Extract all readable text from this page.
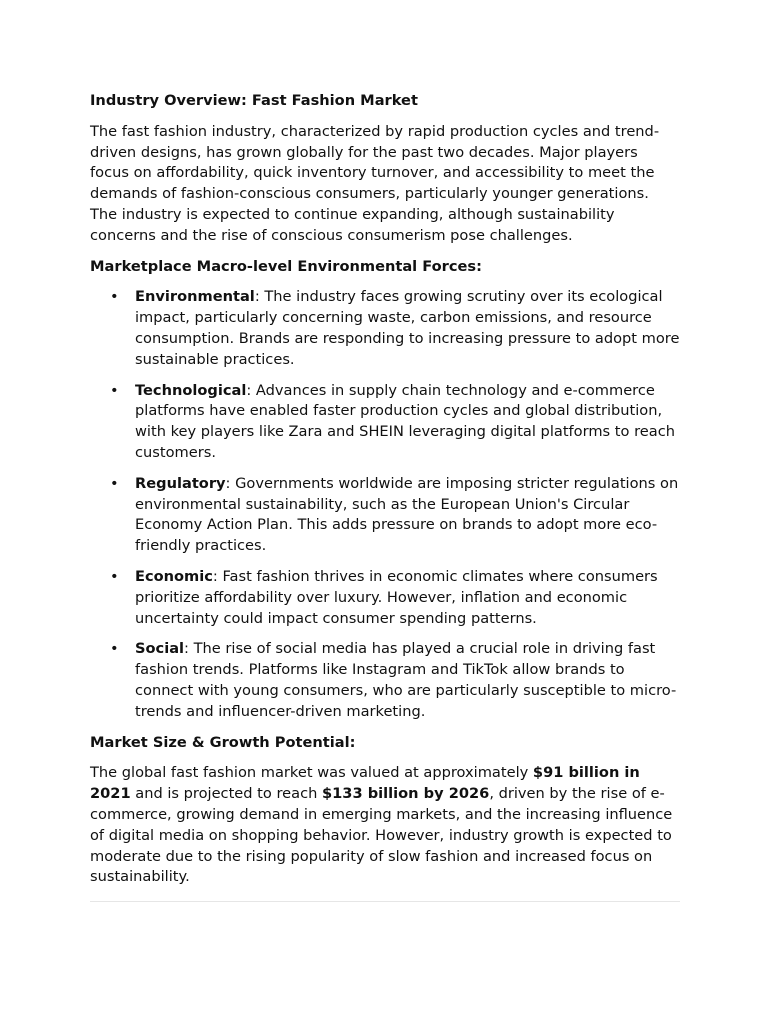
Industry Overview: Fast Fashion Market

The fast fashion industry, characterized by rapid production cycles and trend-driven designs, has grown globally for the past two decades. Major players focus on affordability, quick inventory turnover, and accessibility to meet the demands of fashion-conscious consumers, particularly younger generations. The industry is expected to continue expanding, although sustainability concerns and the rise of conscious consumerism pose challenges.

Marketplace Macro-level Environmental Forces:
• Environmental: The industry faces growing scrutiny over its ecological impact, particularly concerning waste, carbon emissions, and resource consumption. Brands are responding to increasing pressure to adopt more sustainable practices.
• Technological: Advances in supply chain technology and e-commerce platforms have enabled faster production cycles and global distribution, with key players like Zara and SHEIN leveraging digital platforms to reach customers.
• Regulatory: Governments worldwide are imposing stricter regulations on environmental sustainability, such as the European Union's Circular Economy Action Plan. This adds pressure on brands to adopt more eco-friendly practices.
• Economic: Fast fashion thrives in economic climates where consumers prioritize affordability over luxury. However, inflation and economic uncertainty could impact consumer spending patterns.
• Social: The rise of social media has played a crucial role in driving fast fashion trends. Platforms like Instagram and TikTok allow brands to connect with young consumers, who are particularly susceptible to micro-trends and influencer-driven marketing.
Market Size & Growth Potential:

The global fast fashion market was valued at approximately $91 billion in 2021 and is projected to reach $133 billion by 2026, driven by the rise of e-commerce, growing demand in emerging markets, and the increasing influence of digital media on shopping behavior. However, industry growth is expected to moderate due to the rising popularity of slow fashion and increased focus on sustainability.
